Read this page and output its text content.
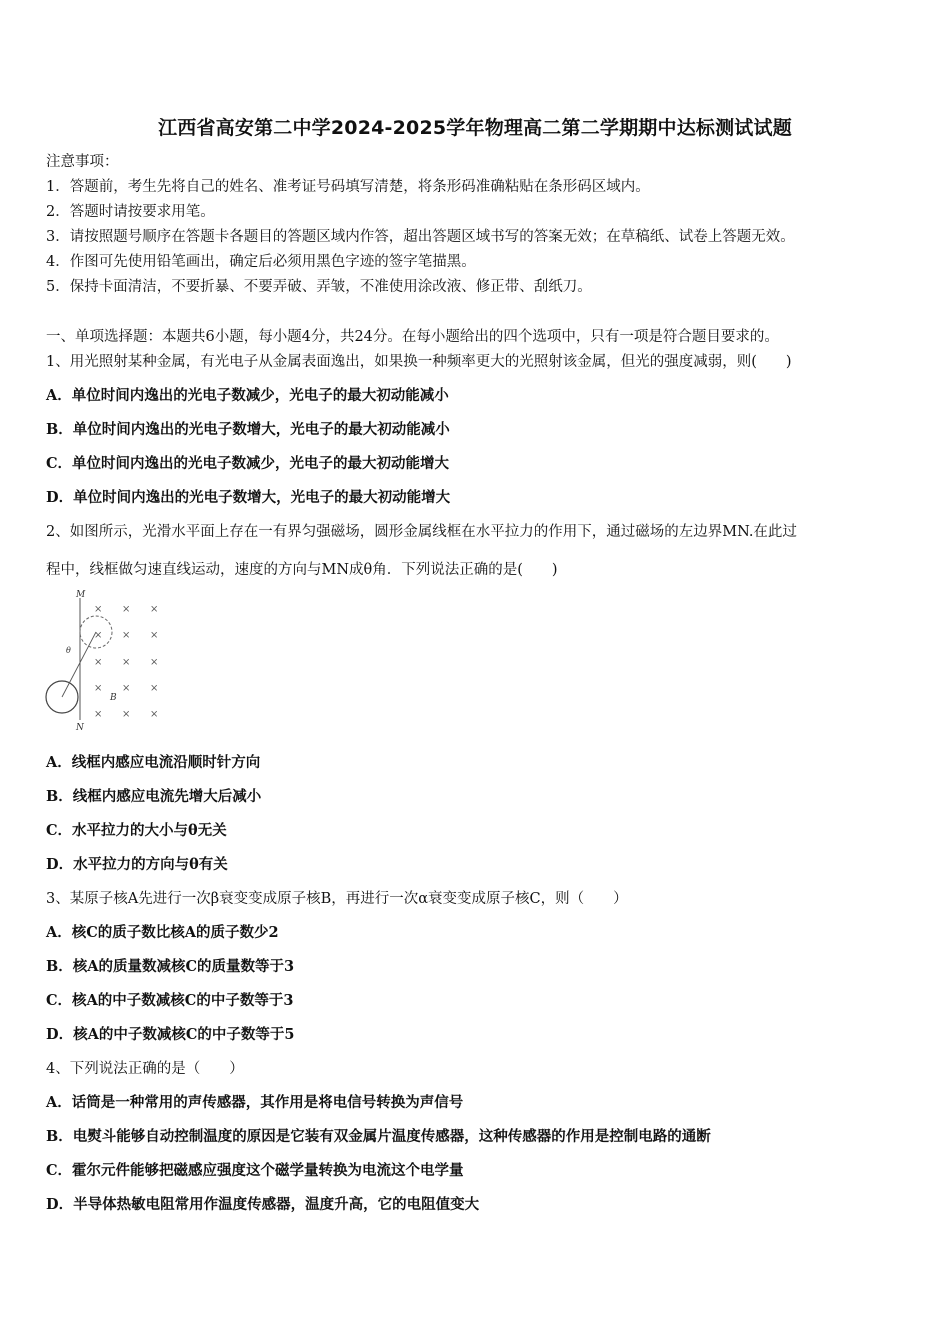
江西省高安第二中学2024-2025学年物理高二第二学期期中达标测试试题
注意事项：
1．答题前，考生先将自己的姓名、准考证号码填写清楚，将条形码准确粘贴在条形码区域内。
2．答题时请按要求用笔。
3．请按照题号顺序在答题卡各题目的答题区域内作答，超出答题区域书写的答案无效；在草稿纸、试卷上答题无效。
4．作图可先使用铅笔画出，确定后必须用黑色字迹的签字笔描黑。
5．保持卡面清洁，不要折暴、不要弄破、弄皱，不准使用涂改液、修正带、刮纸刀。
一、单项选择题：本题共6小题，每小题4分，共24分。在每小题给出的四个选项中，只有一项是符合题目要求的。
1、用光照射某种金属，有光电子从金属表面逸出，如果换一种频率更大的光照射该金属，但光的强度减弱，则(　　)
A．单位时间内逸出的光电子数减少，光电子的最大初动能减小
B．单位时间内逸出的光电子数增大，光电子的最大初动能减小
C．单位时间内逸出的光电子数减少，光电子的最大初动能增大
D．单位时间内逸出的光电子数增大，光电子的最大初动能增大
2、如图所示，光滑水平面上存在一有界匀强磁场，圆形金属线框在水平拉力的作用下，通过磁场的左边界MN.在此过
程中，线框做匀速直线运动，速度的方向与MN成θ角．下列说法正确的是(　　)
M
N
θ
B
× × ×
× × ×
× × ×
× × ×
× × ×
A．线框内感应电流沿顺时针方向
B．线框内感应电流先增大后减小
C．水平拉力的大小与θ无关
D．水平拉力的方向与θ有关
3、某原子核A先进行一次β衰变变成原子核B，再进行一次α衰变变成原子核C，则（　　）
A．核C的质子数比核A的质子数少2
B．核A的质量数减核C的质量数等于3
C．核A的中子数减核C的中子数等于3
D．核A的中子数减核C的中子数等于5
4、下列说法正确的是（　　）
A．话筒是一种常用的声传感器，其作用是将电信号转换为声信号
B．电熨斗能够自动控制温度的原因是它装有双金属片温度传感器，这种传感器的作用是控制电路的通断
C．霍尔元件能够把磁感应强度这个磁学量转换为电流这个电学量
D．半导体热敏电阻常用作温度传感器，温度升高，它的电阻值变大
